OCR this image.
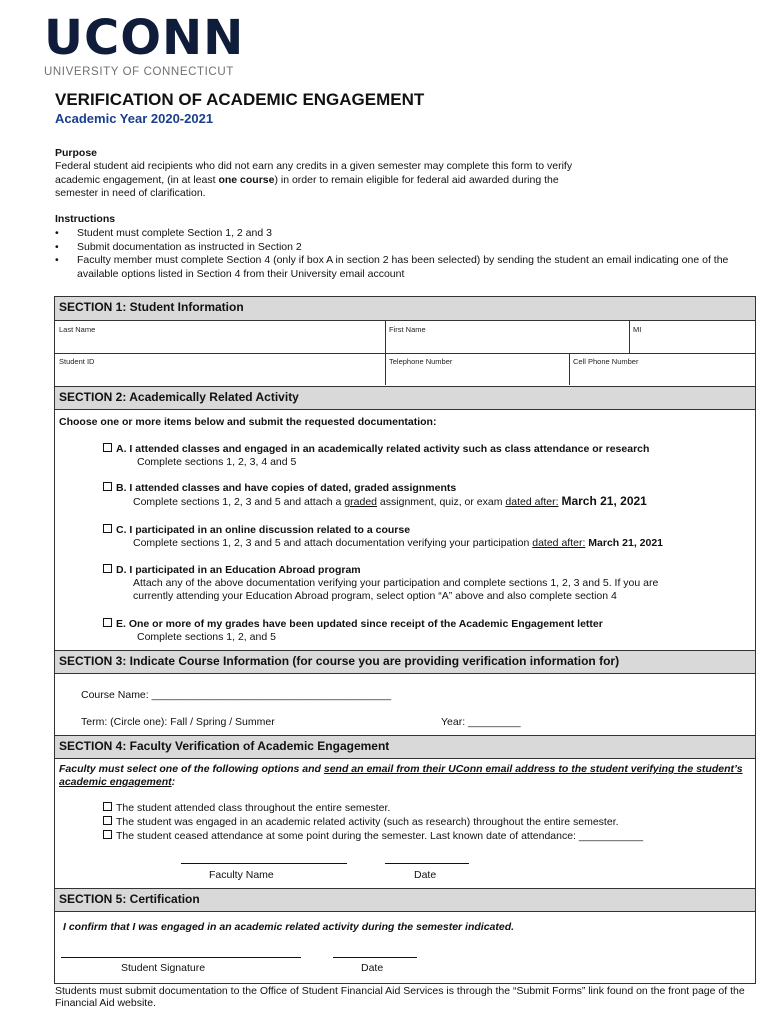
UCONN
UNIVERSITY OF CONNECTICUT
VERIFICATION OF ACADEMIC ENGAGEMENT
Academic Year 2020-2021
Purpose
Federal student aid recipients who did not earn any credits in a given semester may complete this form to verify
academic engagement, (in at least one course) in order to remain eligible for federal aid awarded during the
semester in need of clarification.
Instructions
•	Student must complete Section 1, 2 and 3
•	Submit documentation as instructed in Section 2
•	Faculty member must complete Section 4 (only if box A in section 2 has been selected) by sending the student an email indicating one of the available options listed in Section 4 from their University email account
SECTION 1: Student Information
Last Name	First Name	MI
Student ID	Telephone Number	Cell Phone Number
SECTION 2: Academically Related Activity
Choose one or more items below and submit the requested documentation:
A. I attended classes and engaged in an academically related activity such as class attendance or research
Complete sections 1, 2, 3, 4 and 5
B. I attended classes and have copies of dated, graded assignments
Complete sections 1, 2, 3 and 5 and attach a graded assignment, quiz, or exam dated after: March 21, 2021
C. I participated in an online discussion related to a course
Complete sections 1, 2, 3 and 5 and attach documentation verifying your participation dated after: March 21, 2021
D. I participated in an Education Abroad program
Attach any of the above documentation verifying your participation and complete sections 1, 2, 3 and 5. If you are
currently attending your Education Abroad program, select option “A” above and also complete section 4
E. One or more of my grades have been updated since receipt of the Academic Engagement letter
Complete sections 1, 2, and 5
SECTION 3: Indicate Course Information (for course you are providing verification information for)
Course Name: _________________________________________
Term: (Circle one): Fall / Spring / Summer	Year: _________
SECTION 4: Faculty Verification of Academic Engagement
Faculty must select one of the following options and send an email from their UConn email address to the student verifying the student’s academic engagement:
The student attended class throughout the entire semester.
The student was engaged in an academic related activity (such as research) throughout the entire semester.
The student ceased attendance at some point during the semester. Last known date of attendance: ___________
Faculty Name	Date
SECTION 5: Certification
I confirm that I was engaged in an academic related activity during the semester indicated.
Student Signature	Date
Students must submit documentation to the Office of Student Financial Aid Services is through the “Submit Forms” link found on the front page of the Financial Aid website.
